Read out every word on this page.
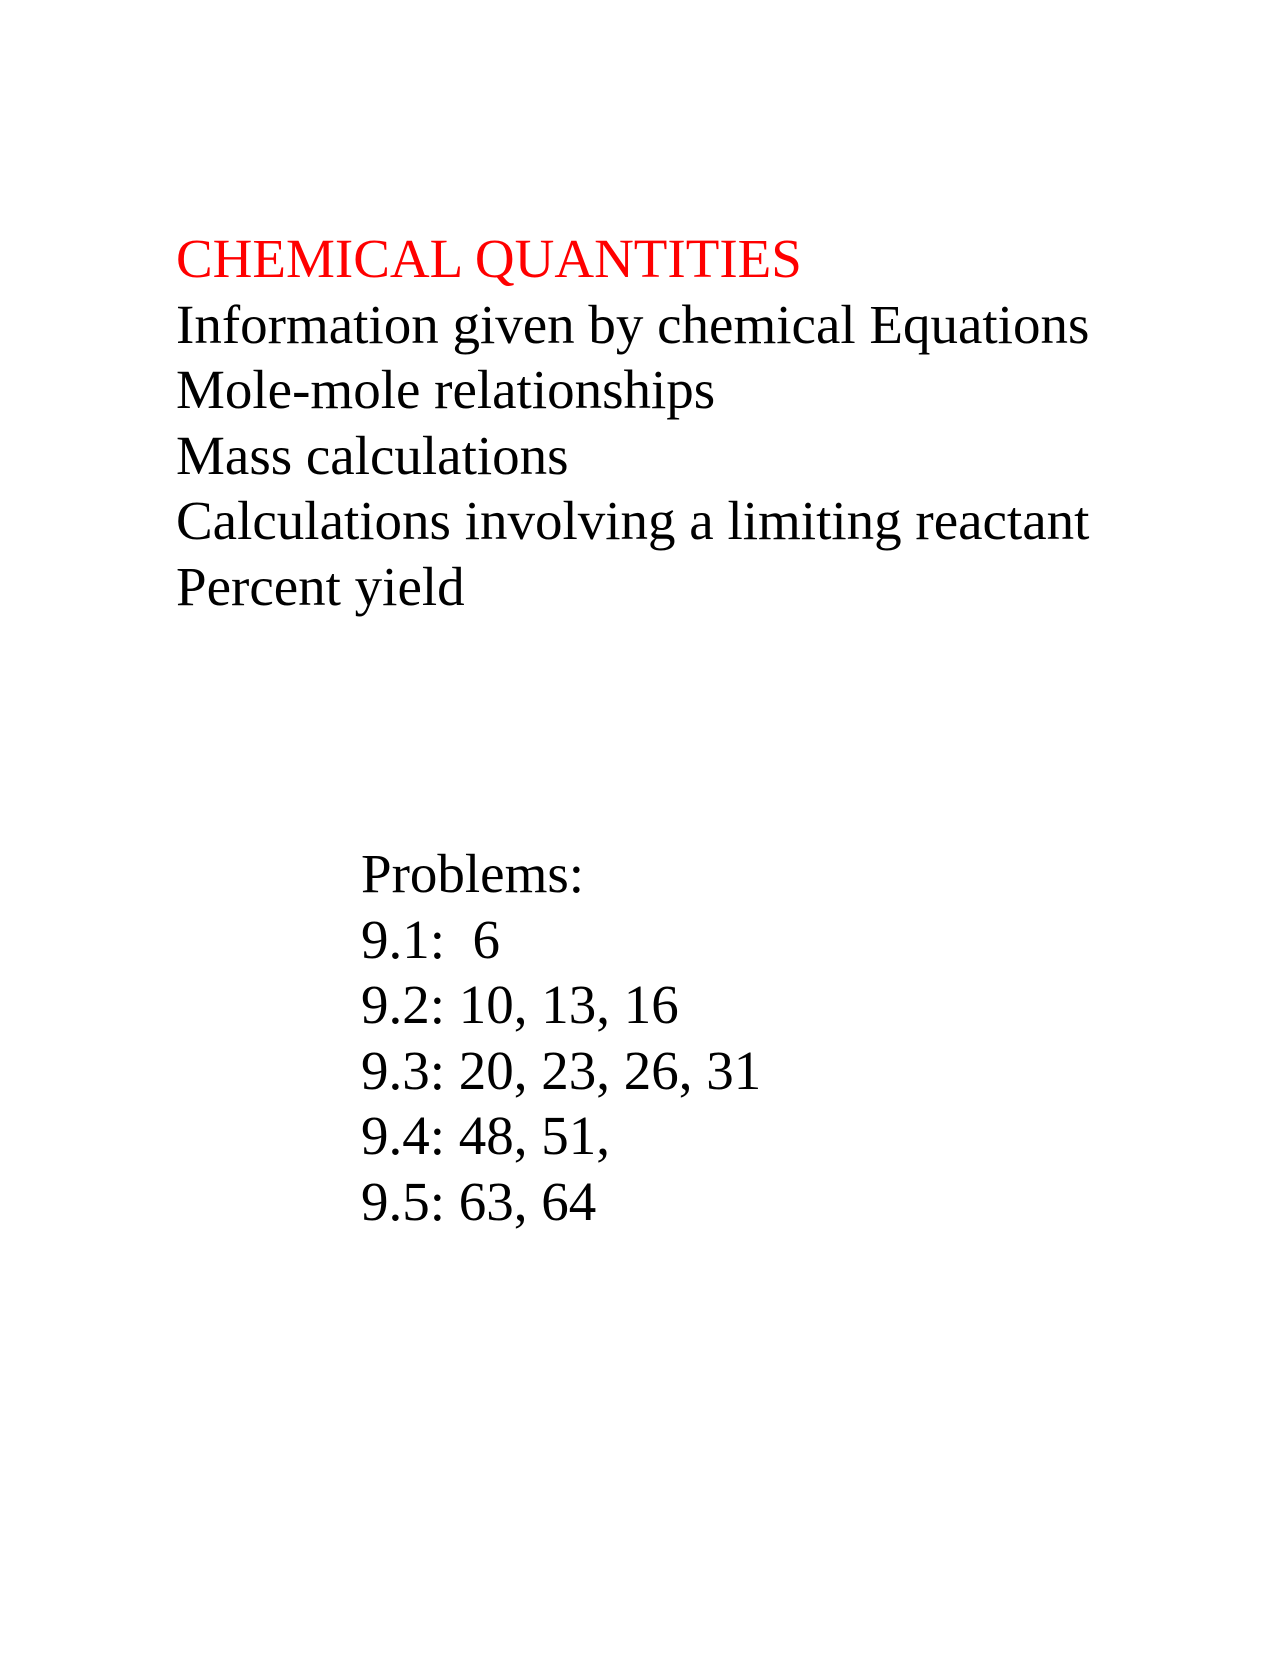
CHEMICAL QUANTITIES
Information given by chemical Equations
Mole-mole relationships
Mass calculations
Calculations involving a limiting reactant
Percent yield
Problems:
9.1:  6
9.2: 10, 13, 16
9.3: 20, 23, 26, 31
9.4: 48, 51,
9.5: 63, 64
